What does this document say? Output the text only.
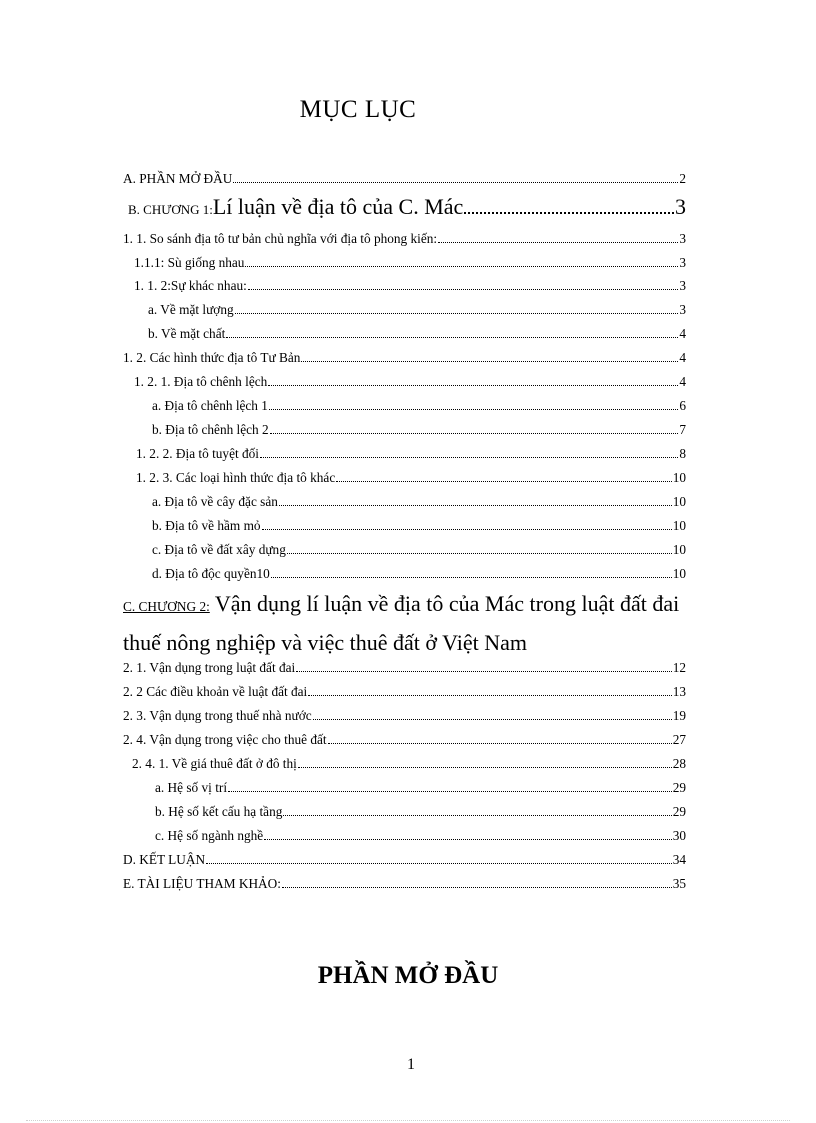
MỤC LỤC
A. PHẦN MỞ ĐẦU	2
B. CHƯƠNG 1:Lí luận về địa tô của C. Mác	3
1. 1. So sánh địa tô tư bản chủ nghĩa với địa tô phong kiến:	3
1.1.1: Sù giống nhau	3
1. 1. 2:Sự khác nhau:	3
a. Về mặt lượng	3
b. Về mặt chất	4
1. 2. Các hình thức địa tô Tư Bản	4
1. 2. 1. Địa tô chênh lệch	4
a. Địa tô chênh lệch 1	6
b. Địa tô chênh lệch 2	7
1. 2. 2. Địa tô tuyệt đối	8
1. 2. 3. Các loại hình thức địa tô khác	10
a. Địa tô về cây đặc sản	10
b. Địa tô về hầm mỏ	10
c. Địa tô về đất xây dựng	10
d. Địa tô độc quyền10	10
C. CHƯƠNG 2: Vận dụng lí luận về địa tô của Mác trong luật đất đai thuế nông nghiệp và việc thuê đất ở Việt Nam
2. 1. Vận dụng trong luật đất đai	12
2. 2 Các điều khoản về luật đất đai	13
2. 3. Vận dụng trong thuế nhà nước	19
2. 4. Vận dụng trong việc cho thuê đất	27
2. 4. 1. Về giá thuê đất ở đô thị	28
a. Hệ số vị trí	29
b. Hệ số kết cấu hạ tầng	29
c. Hệ số ngành nghề	30
D. KẾT LUẬN	34
E. TÀI LIỆU THAM KHẢO:	35
PHẦN MỞ ĐẦU
1
